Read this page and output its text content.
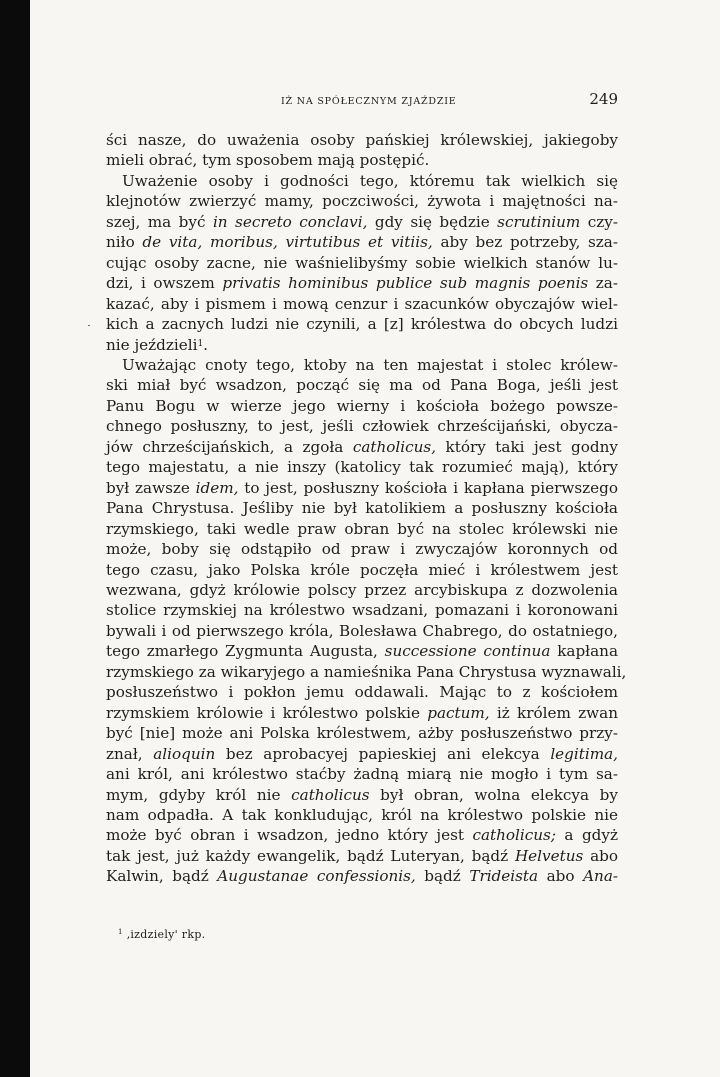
IŻ NA SPÓŁECZNYM ZJAŹDZIE	249
ści nasze, do uważenia osoby pańskiej królewskiej, jakiegoby
mieli obrać, tym sposobem mają postępić.
Uważenie osoby i godności tego, któremu tak wielkich się
klejnotów zwierzyć mamy, poczciwości, żywota i majętności na-
szej, ma być in secreto conclavi, gdy się będzie scrutinium czy-
niło de vita, moribus, virtutibus et vitiis, aby bez potrzeby, sza-
cując osoby zacne, nie waśnielibyśmy sobie wielkich stanów lu-
dzi, i owszem privatis hominibus publice sub magnis poenis za-
kazać, aby i pismem i mową cenzur i szacunków obyczajów wiel-
kich a zacnych ludzi nie czynili, a [z] królestwa do obcych ludzi
nie jeździeli$^1$.
Uważając cnoty tego, ktoby na ten majestat i stolec królew-
ski miał być wsadzon, począć się ma od Pana Boga, jeśli jest
Panu Bogu w wierze jego wierny i kościoła bożego powsze-
chnego posłuszny, to jest, jeśli człowiek chrześcijański, obycza-
jów chrześcijańskich, a zgoła catholicus, który taki jest godny
tego majestatu, a nie inszy (katolicy tak rozumieć mają), który
był zawsze idem, to jest, posłuszny kościoła i kapłana pierwszego
Pana Chrystusa. Jeśliby nie był katolikiem a posłuszny kościoła
rzymskiego, taki wedle praw obran być na stolec królewski nie
może, boby się odstąpiło od praw i zwyczajów koronnych od
tego czasu, jako Polska króle poczęła mieć i królestwem jest
wezwana, gdyż królowie polscy przez arcybiskupa z dozwolenia
stolice rzymskiej na królestwo wsadzani, pomazani i koronowani
bywali i od pierwszego króla, Bolesława Chabrego, do ostatniego,
tego zmarłego Zygmunta Augusta, successione continua kapłana
rzymskiego za wikaryjego a namieśnika Pana Chrystusa wyznawali,
posłuszeństwo i pokłon jemu oddawali. Mając to z kościołem
rzymskiem królowie i królestwo polskie pactum, iż królem zwan
być [nie] może ani Polska królestwem, ażby posłuszeństwo przy-
znał, alioquin bez aprobacyej papieskiej ani elekcya legitima,
ani król, ani królestwo stаćby żadną miarą nie mogło i tym sa-
mym, gdyby król nie catholicus był obran, wolna elekcya by
nam odpadła. A tak konkludując, król na królestwo polskie nie
może być obran i wsadzon, jedno który jest catholicus; a gdyż
tak jest, już każdy ewangelik, bądź Luteryan, bądź Helvetus abo
Kalwin, bądź Augustanae confessionis, bądź Trideista abo Ana-
$^1$ ‚izdziely' rkp.
